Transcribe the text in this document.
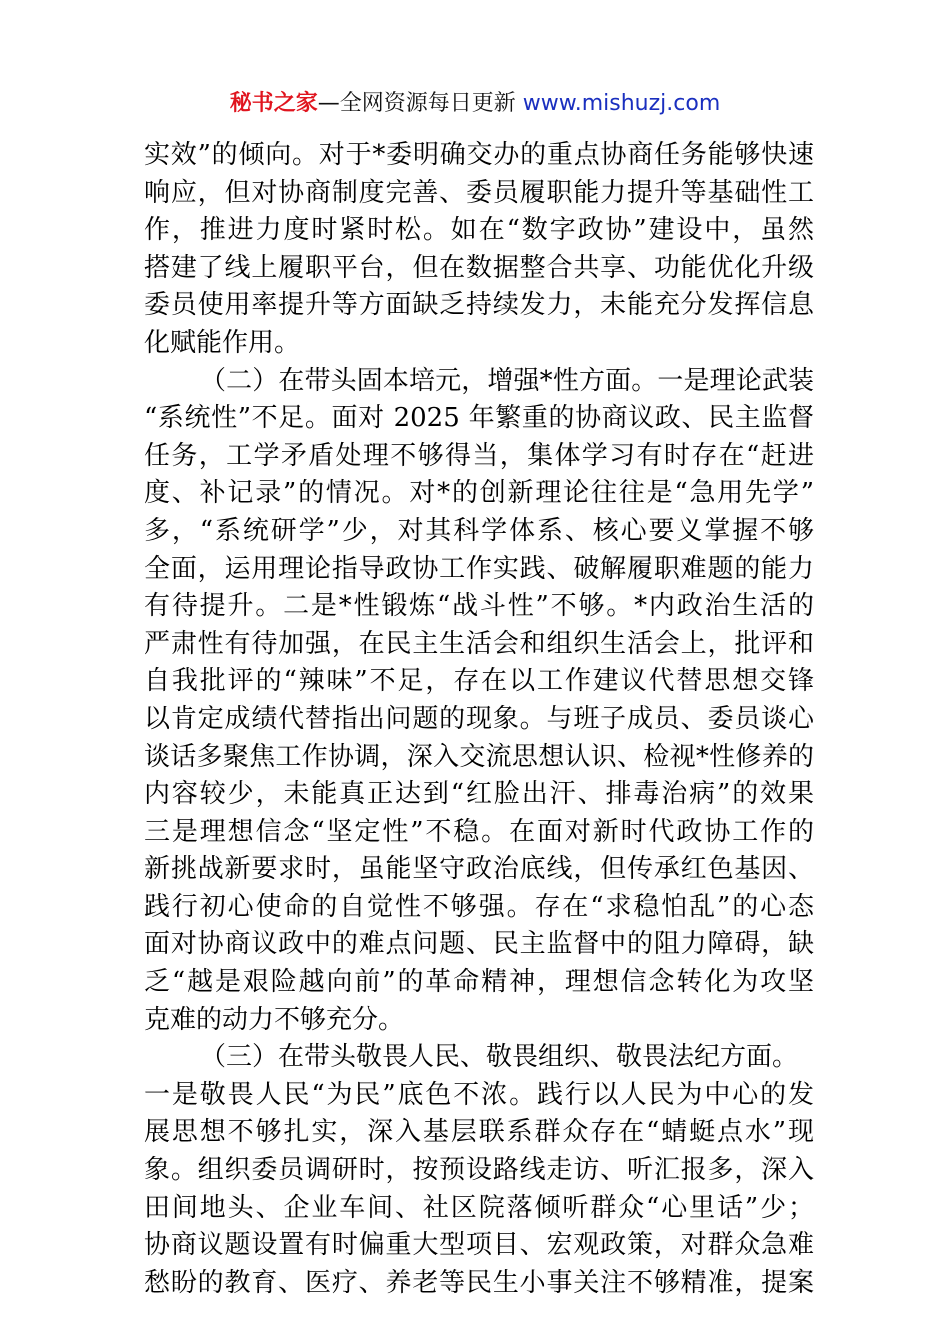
秘书之家—全网资源每日更新 www.mishuzj.com
实效”的倾向。对于*委明确交办的重点协商任务能够快速
响应，但对协商制度完善、委员履职能力提升等基础性工
作，推进力度时紧时松。如在“数字政协”建设中，虽然
搭建了线上履职平台，但在数据整合共享、功能优化升级
委员使用率提升等方面缺乏持续发力，未能充分发挥信息
化赋能作用。
（二）在带头固本培元，增强*性方面。一是理论武装
“系统性”不足。面对 2025 年繁重的协商议政、民主监督
任务，工学矛盾处理不够得当，集体学习有时存在“赶进
度、补记录”的情况。对*的创新理论往往是“急用先学”
多，“系统研学”少，对其科学体系、核心要义掌握不够
全面，运用理论指导政协工作实践、破解履职难题的能力
有待提升。二是*性锻炼“战斗性”不够。*内政治生活的
严肃性有待加强，在民主生活会和组织生活会上，批评和
自我批评的“辣味”不足，存在以工作建议代替思想交锋
以肯定成绩代替指出问题的现象。与班子成员、委员谈心
谈话多聚焦工作协调，深入交流思想认识、检视*性修养的
内容较少，未能真正达到“红脸出汗、排毒治病”的效果
三是理想信念“坚定性”不稳。在面对新时代政协工作的
新挑战新要求时，虽能坚守政治底线，但传承红色基因、
践行初心使命的自觉性不够强。存在“求稳怕乱”的心态
面对协商议政中的难点问题、民主监督中的阻力障碍，缺
乏“越是艰险越向前”的革命精神，理想信念转化为攻坚
克难的动力不够充分。
（三）在带头敬畏人民、敬畏组织、敬畏法纪方面。
一是敬畏人民“为民”底色不浓。践行以人民为中心的发
展思想不够扎实，深入基层联系群众存在“蜻蜓点水”现
象。组织委员调研时，按预设路线走访、听汇报多，深入
田间地头、企业车间、社区院落倾听群众“心里话”少；
协商议题设置有时偏重大型项目、宏观政策，对群众急难
愁盼的教育、医疗、养老等民生小事关注不够精准，提案
